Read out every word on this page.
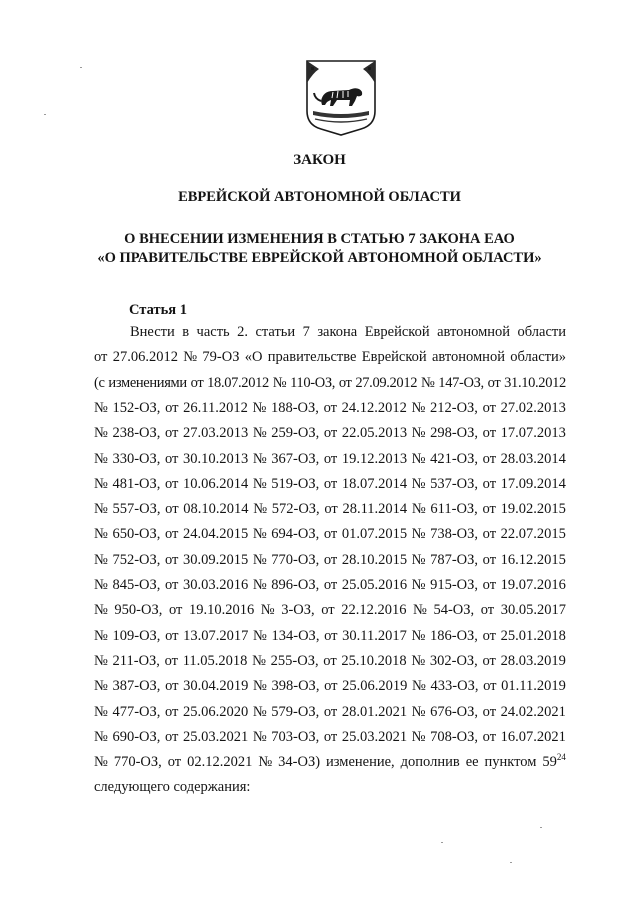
ЗАКОН
ЕВРЕЙСКОЙ АВТОНОМНОЙ ОБЛАСТИ
О ВНЕСЕНИИ ИЗМЕНЕНИЯ В СТАТЬЮ 7 ЗАКОНА ЕАО
«О ПРАВИТЕЛЬСТВЕ ЕВРЕЙСКОЙ АВТОНОМНОЙ ОБЛАСТИ»
Статья 1
Внести в часть 2. статьи 7 закона Еврейской автономной области
от 27.06.2012 № 79-ОЗ «О правительстве Еврейской автономной области»
(с изменениями от 18.07.2012 № 110-ОЗ, от 27.09.2012 № 147-ОЗ, от 31.10.2012
№ 152-ОЗ, от 26.11.2012 № 188-ОЗ, от 24.12.2012 № 212-ОЗ, от 27.02.2013
№ 238-ОЗ, от 27.03.2013 № 259-ОЗ, от 22.05.2013 № 298-ОЗ, от 17.07.2013
№ 330-ОЗ, от 30.10.2013 № 367-ОЗ, от 19.12.2013 № 421-ОЗ, от 28.03.2014
№ 481-ОЗ, от 10.06.2014 № 519-ОЗ, от 18.07.2014 № 537-ОЗ, от 17.09.2014
№ 557-ОЗ, от 08.10.2014 № 572-ОЗ, от 28.11.2014 № 611-ОЗ, от 19.02.2015
№ 650-ОЗ, от 24.04.2015 № 694-ОЗ, от 01.07.2015 № 738-ОЗ, от 22.07.2015
№ 752-ОЗ, от 30.09.2015 № 770-ОЗ, от 28.10.2015 № 787-ОЗ, от 16.12.2015
№ 845-ОЗ, от 30.03.2016 № 896-ОЗ, от 25.05.2016 № 915-ОЗ, от 19.07.2016
№ 950-ОЗ, от 19.10.2016 № 3-ОЗ, от 22.12.2016 № 54-ОЗ, от 30.05.2017
№ 109-ОЗ, от 13.07.2017 № 134-ОЗ, от 30.11.2017 № 186-ОЗ, от 25.01.2018
№ 211-ОЗ, от 11.05.2018 № 255-ОЗ, от 25.10.2018 № 302-ОЗ, от 28.03.2019
№ 387-ОЗ, от 30.04.2019 № 398-ОЗ, от 25.06.2019 № 433-ОЗ, от 01.11.2019
№ 477-ОЗ, от 25.06.2020 № 579-ОЗ, от 28.01.2021 № 676-ОЗ, от 24.02.2021
№ 690-ОЗ, от 25.03.2021 № 703-ОЗ, от 25.03.2021 № 708-ОЗ, от 16.07.2021
№ 770-ОЗ, от 02.12.2021 № 34-ОЗ) изменение, дополнив ее пунктом $59^{24}$
следующего содержания:
